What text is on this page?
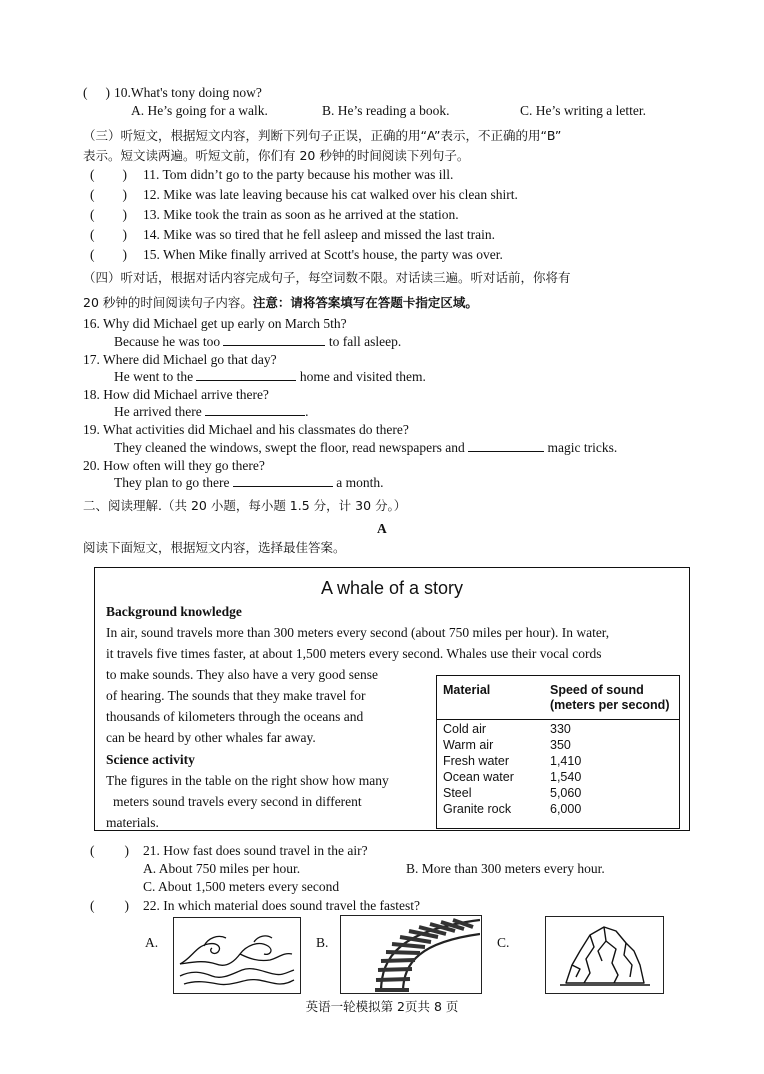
( ) 10.What's tony doing now?
A. He’s going for a walk.	B. He’s reading a book.	C. He’s writing a letter.
（三）听短文，根据短文内容，判断下列句子正误，正确的用“A”表示，不正确的用“B”
表示。短文读两遍。听短文前，你们有 20 秒钟的时间阅读下列句子。
( ) 11. Tom didn’t go to the party because his mother was ill.
( ) 12. Mike was late leaving because his cat walked over his clean shirt.
( ) 13. Mike took the train as soon as he arrived at the station.
( ) 14. Mike was so tired that he fell asleep and missed the last train.
( ) 15. When Mike finally arrived at Scott's house, the party was over.
（四）听对话，根据对话内容完成句子，每空词数不限。对话读三遍。听对话前，你将有
20 秒钟的时间阅读句子内容。注意：请将答案填写在答题卡指定区域。
16. Why did Michael get up early on March 5th?
Because he was too	to fall asleep.
17. Where did Michael go that day?
He went to the	home and visited them.
18. How did Michael arrive there?
He arrived there	.
19. What activities did Michael and his classmates do there?
They cleaned the windows, swept the floor, read newspapers and	magic tricks.
20. How often will they go there?
They plan to go there	a month.
二、阅读理解.（共 20 小题，每小题 1.5 分，计 30 分。）
A
阅读下面短文，根据短文内容，选择最佳答案。
A whale of a story
Background knowledge
In air, sound travels more than 300 meters every second (about 750 miles per hour). In water,
it travels five times faster, at about 1,500 meters every second. Whales use their vocal cords
to make sounds. They also have a very good sense
of hearing. The sounds that they make travel for
thousands of kilometers through the oceans and
can be heard by other whales far away.
Science activity
The figures in the table on the right show how many
meters sound travels every second in different
materials.
Material	Speed of sound
(meters per second)
Cold air	330
Warm air	350
Fresh water	1,410
Ocean water	1,540
Steel	5,060
Granite rock	6,000
( ) 21. How fast does sound travel in the air?
A. About 750 miles per hour.	B. More than 300 meters every hour.
C. About 1,500 meters every second
( ) 22. In which material does sound travel the fastest?
A.	B.	C.
英语一轮模拟第 2页共 8 页
